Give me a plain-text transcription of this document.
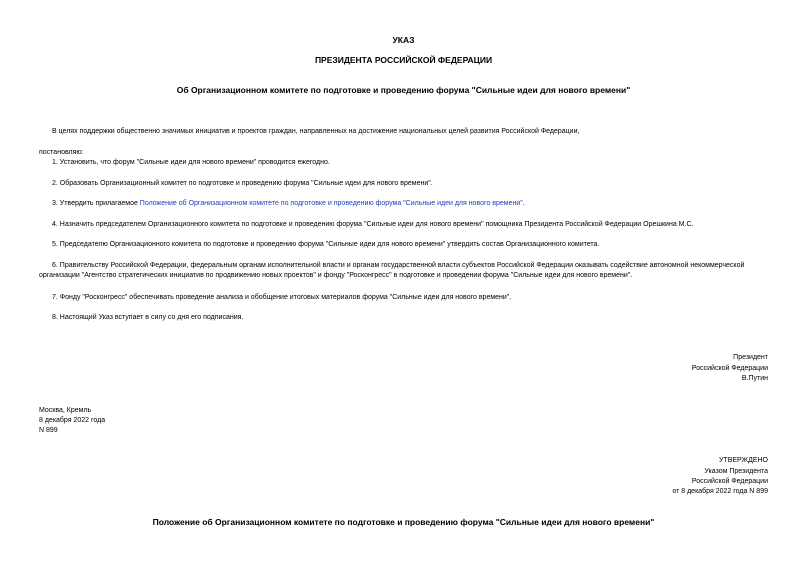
УКАЗ
ПРЕЗИДЕНТА РОССИЙСКОЙ ФЕДЕРАЦИИ
Об Организационном комитете по подготовке и проведению форума "Сильные идеи для нового времени"
В целях поддержки общественно значимых инициатив и проектов граждан, направленных на достижение национальных целей развития Российской Федерации,
постановляю:
1. Установить, что форум "Сильные идеи для нового времени" проводится ежегодно.
2. Образовать Организационный комитет по подготовке и проведению форума "Сильные идеи для нового времени".
3. Утвердить прилагаемое Положение об Организационном комитете по подготовке и проведению форума "Сильные идеи для нового времени".
4. Назначить председателем Организационного комитета по подготовке и проведению форума "Сильные идеи для нового времени" помощника Президента Российской Федерации Орешкина М.С.
5. Председателю Организационного комитета по подготовке и проведению форума "Сильные идеи для нового времени" утвердить состав Организационного комитета.
6. Правительству Российской Федерации, федеральным органам исполнительной власти и органам государственной власти субъектов Российской Федерации оказывать содействие автономной некоммерческой
организации "Агентство стратегических инициатив по продвижению новых проектов" и фонду "Росконгресс" в подготовке и проведении форума "Сильные идеи для нового времени".
7. Фонду "Росконгресс" обеспечивать проведение анализа и обобщение итоговых материалов форума "Сильные идеи для нового времени".
8. Настоящий Указ вступает в силу со дня его подписания.
Президент
Российской Федерации
В.Путин
Москва, Кремль
8 декабря 2022 года
N 899
УТВЕРЖДЕНО
Указом Президента
Российской Федерации
от 8 декабря 2022 года N 899
Положение об Организационном комитете по подготовке и проведению форума "Сильные идеи для нового времени"
